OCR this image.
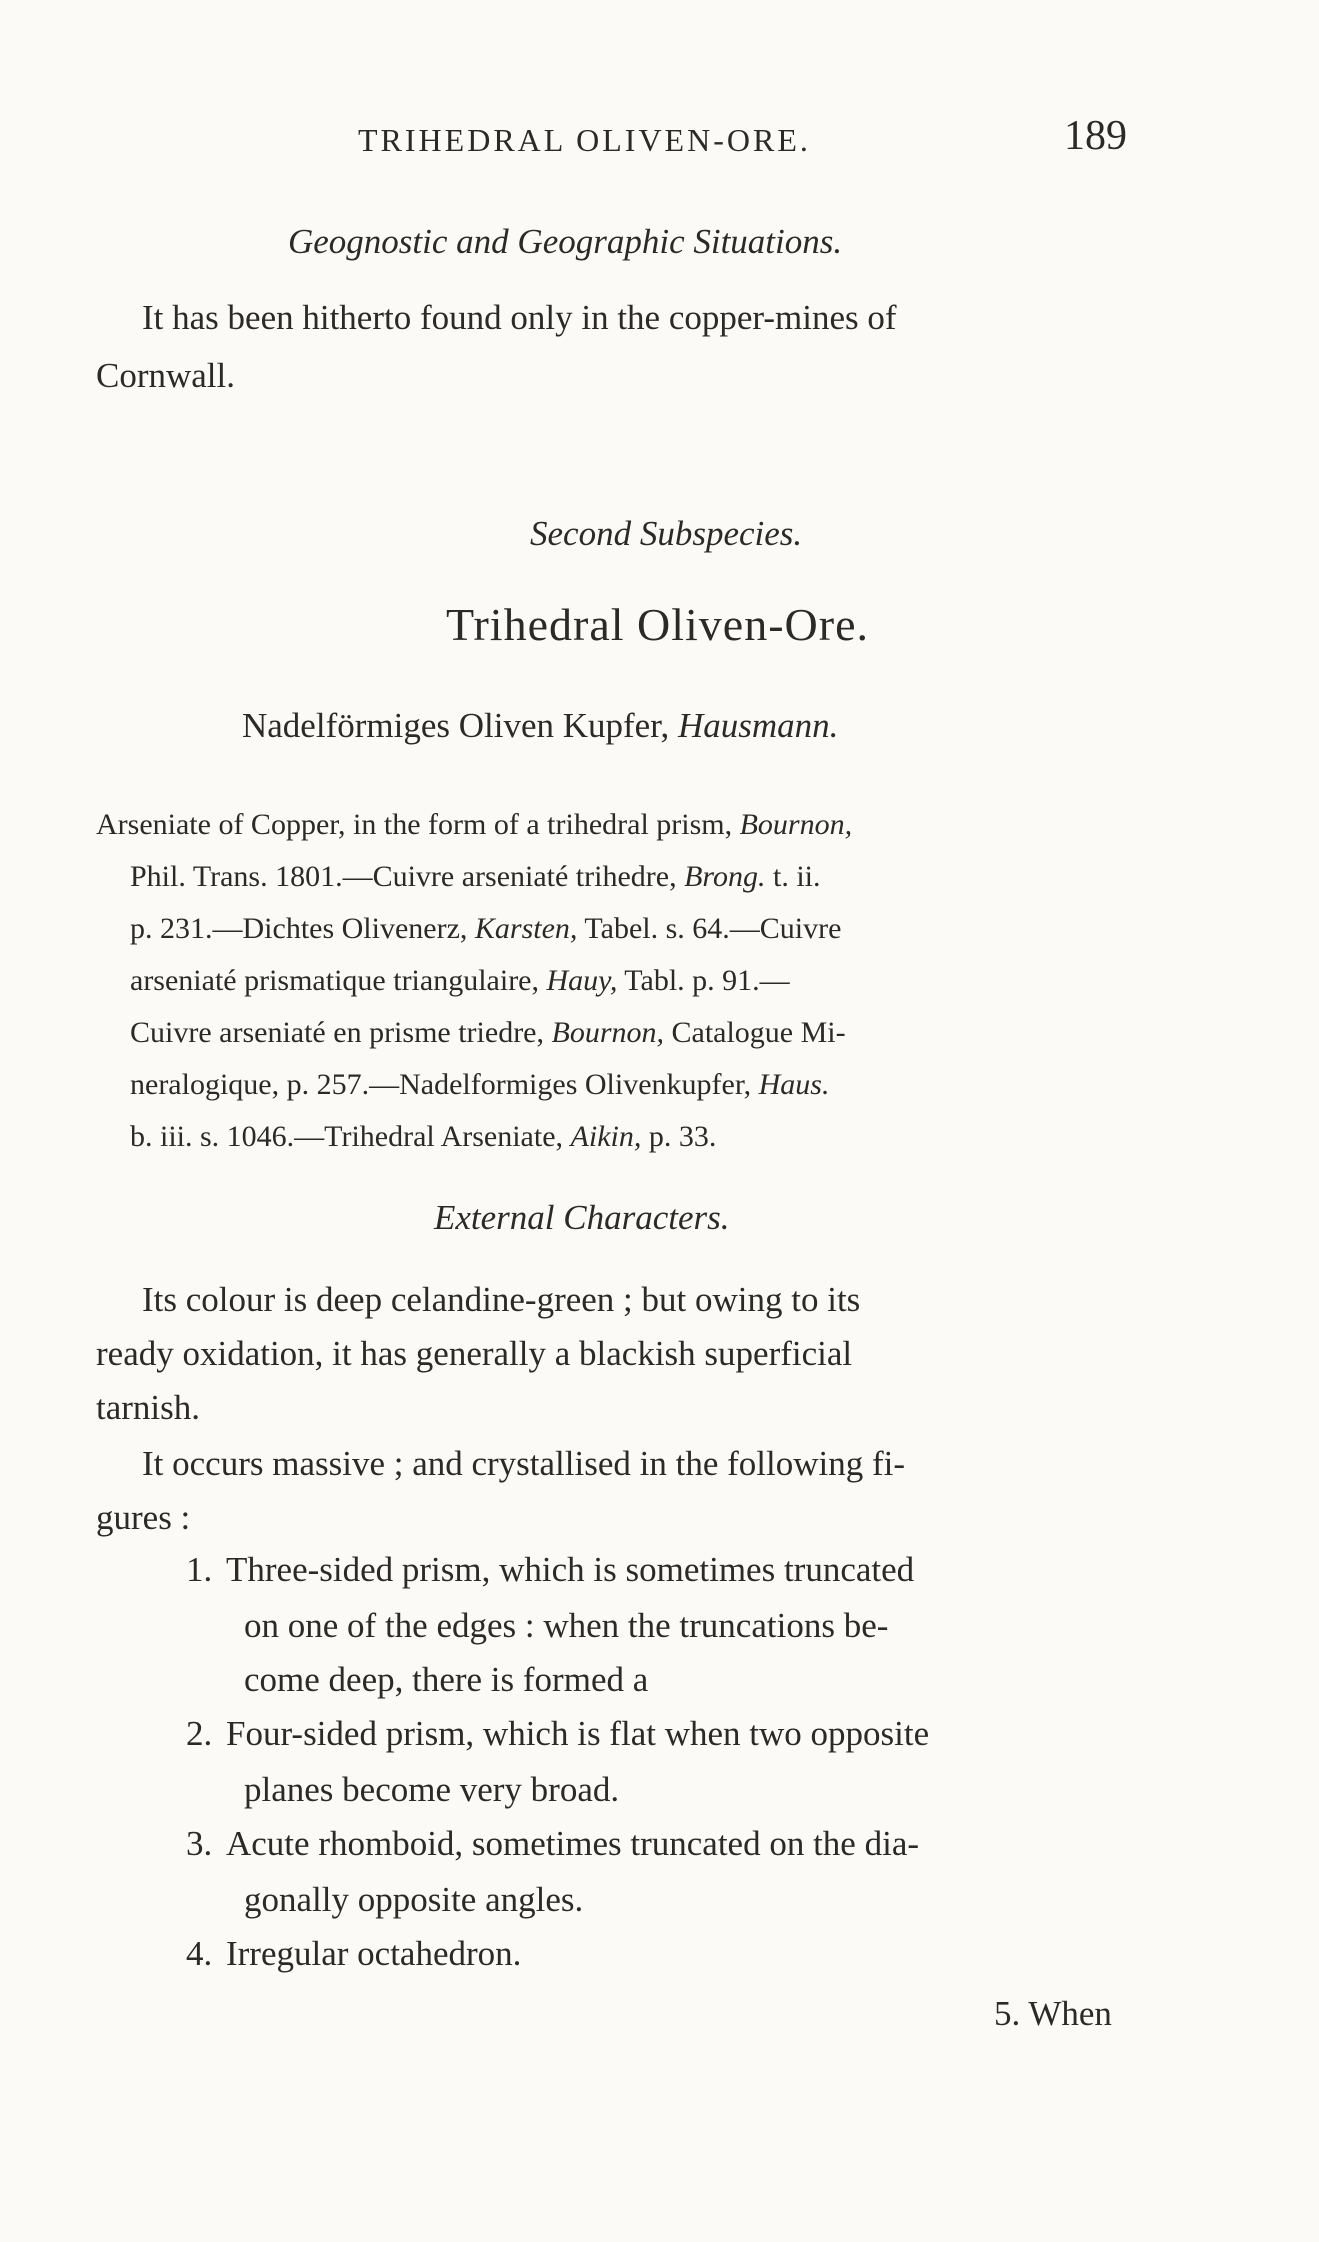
TRIHEDRAL OLIVEN-ORE.	189
Geognostic and Geographic Situations.
It has been hitherto found only in the copper-mines of
Cornwall.
Second Subspecies.
Trihedral Oliven-Ore.
Nadelförmiges Oliven Kupfer, Hausmann.
Arseniate of Copper, in the form of a trihedral prism, Bournon,
Phil. Trans. 1801.—Cuivre arseniaté trihedre, Brong. t. ii.
p. 231.—Dichtes Olivenerz, Karsten, Tabel. s. 64.—Cuivre
arseniaté prismatique triangulaire, Hauy, Tabl. p. 91.—
Cuivre arseniaté en prisme triedre, Bournon, Catalogue Mi-
neralogique, p. 257.—Nadelformiges Olivenkupfer, Haus.
b. iii. s. 1046.—Trihedral Arseniate, Aikin, p. 33.
External Characters.
Its colour is deep celandine-green ; but owing to its
ready oxidation, it has generally a blackish superficial
tarnish.
It occurs massive ; and crystallised in the following fi-
gures :
1. Three-sided prism, which is sometimes truncated
on one of the edges : when the truncations be-
come deep, there is formed a
2. Four-sided prism, which is flat when two opposite
planes become very broad.
3. Acute rhomboid, sometimes truncated on the dia-
gonally opposite angles.
4. Irregular octahedron.
5. When
